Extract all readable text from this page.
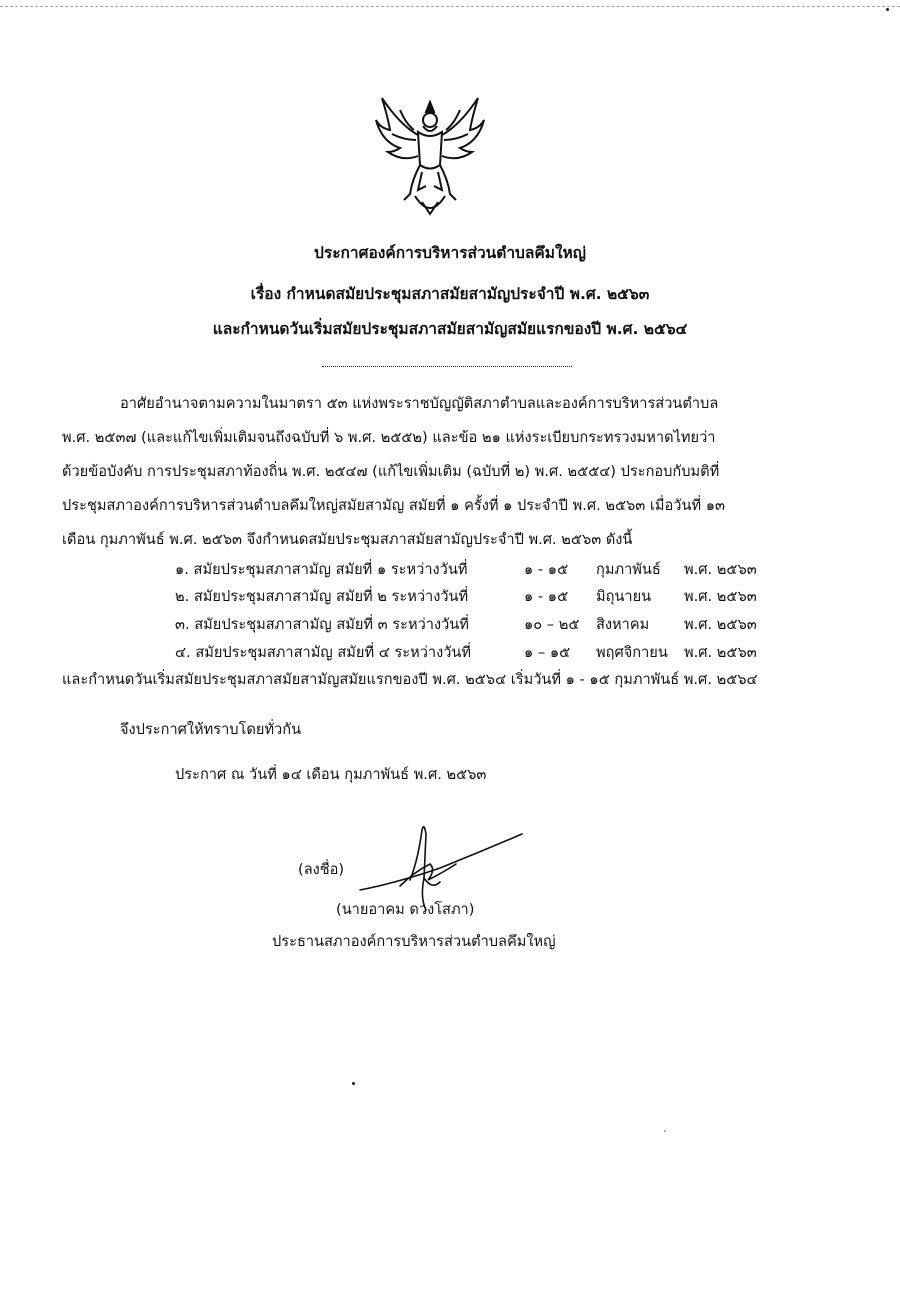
ประกาศองค์การบริหารส่วนตำบลคึมใหญ่
เรื่อง กำหนดสมัยประชุมสภาสมัยสามัญประจำปี พ.ศ. ๒๕๖๓
และกำหนดวันเริ่มสมัยประชุมสภาสมัยสามัญสมัยแรกของปี พ.ศ. ๒๕๖๔
อาศัยอำนาจตามความในมาตรา ๕๓ แห่งพระราชบัญญัติสภาตำบลและองค์การบริหารส่วนตำบล
พ.ศ. ๒๕๓๗ (และแก้ไขเพิ่มเติมจนถึงฉบับที่ ๖ พ.ศ. ๒๕๕๒) และข้อ ๒๑ แห่งระเบียบกระทรวงมหาดไทยว่า
ด้วยข้อบังคับ การประชุมสภาท้องถิ่น พ.ศ. ๒๕๔๗ (แก้ไขเพิ่มเติม (ฉบับที่ ๒) พ.ศ. ๒๕๕๔) ประกอบกับมติที่
ประชุมสภาองค์การบริหารส่วนตำบลคึมใหญ่สมัยสามัญ สมัยที่ ๑ ครั้งที่ ๑ ประจำปี พ.ศ. ๒๕๖๓ เมื่อวันที่ ๑๓
เดือน กุมภาพันธ์ พ.ศ. ๒๕๖๓ จึงกำหนดสมัยประชุมสภาสมัยสามัญประจำปี พ.ศ. ๒๕๖๓ ดังนี้
๑. สมัยประชุมสภาสามัญ สมัยที่ ๑ ระหว่างวันที่	๑ - ๑๕ กุมภาพันธ์ พ.ศ. ๒๕๖๓
๒. สมัยประชุมสภาสามัญ สมัยที่ ๒ ระหว่างวันที่	๑ - ๑๕ มิถุนายน พ.ศ. ๒๕๖๓
๓. สมัยประชุมสภาสามัญ สมัยที่ ๓ ระหว่างวันที่	๑๐ – ๒๕ สิงหาคม พ.ศ. ๒๕๖๓
๔. สมัยประชุมสภาสามัญ สมัยที่ ๔ ระหว่างวันที่	๑ – ๑๕ พฤศจิกายน พ.ศ. ๒๕๖๓
และกำหนดวันเริ่มสมัยประชุมสภาสมัยสามัญสมัยแรกของปี พ.ศ. ๒๕๖๔ เริ่มวันที่ ๑ - ๑๕ กุมภาพันธ์ พ.ศ. ๒๕๖๔
จึงประกาศให้ทราบโดยทั่วกัน
ประกาศ ณ วันที่ ๑๔ เดือน กุมภาพันธ์ พ.ศ. ๒๕๖๓
(ลงชื่อ)
(นายอาคม ดวงโสภา)
ประธานสภาองค์การบริหารส่วนตำบลคึมใหญ่
